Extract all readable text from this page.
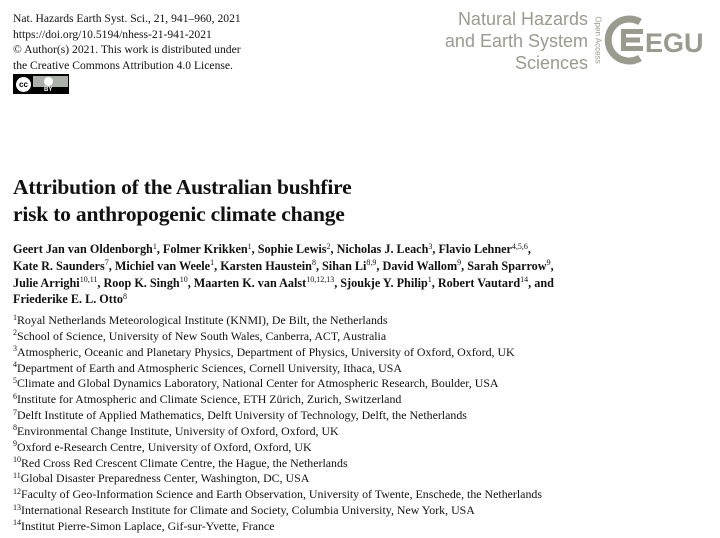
Nat. Hazards Earth Syst. Sci., 21, 941–960, 2021
https://doi.org/10.5194/nhess-21-941-2021
© Author(s) 2021. This work is distributed under
the Creative Commons Attribution 4.0 License.
cc
BY
Natural Hazards
and Earth System
Sciences Open Access EGU
Attribution of the Australian bushfire
risk to anthropogenic climate change
Geert Jan van Oldenborgh$^1$, Folmer Krikken$^1$, Sophie Lewis$^2$, Nicholas J. Leach$^3$, Flavio Lehner$^{4,5,6}$,
Kate R. Saunders$^7$, Michiel van Weele$^1$, Karsten Haustein$^8$, Sihan Li$^{8,9}$, David Wallom$^9$, Sarah Sparrow$^9$,
Julie Arrighi$^{10,11}$, Roop K. Singh$^{10}$, Maarten K. van Aalst$^{10,12,13}$, Sjoukje Y. Philip$^1$, Robert Vautard$^{14}$, and
Friederike E. L. Otto$^8$
$^1$Royal Netherlands Meteorological Institute (KNMI), De Bilt, the Netherlands
$^2$School of Science, University of New South Wales, Canberra, ACT, Australia
$^3$Atmospheric, Oceanic and Planetary Physics, Department of Physics, University of Oxford, Oxford, UK
$^4$Department of Earth and Atmospheric Sciences, Cornell University, Ithaca, USA
$^5$Climate and Global Dynamics Laboratory, National Center for Atmospheric Research, Boulder, USA
$^6$Institute for Atmospheric and Climate Science, ETH Zürich, Zurich, Switzerland
$^7$Delft Institute of Applied Mathematics, Delft University of Technology, Delft, the Netherlands
$^8$Environmental Change Institute, University of Oxford, Oxford, UK
$^9$Oxford e-Research Centre, University of Oxford, Oxford, UK
$^{10}$Red Cross Red Crescent Climate Centre, the Hague, the Netherlands
$^{11}$Global Disaster Preparedness Center, Washington, DC, USA
$^{12}$Faculty of Geo-Information Science and Earth Observation, University of Twente, Enschede, the Netherlands
$^{13}$International Research Institute for Climate and Society, Columbia University, New York, USA
$^{14}$Institut Pierre-Simon Laplace, Gif-sur-Yvette, France
